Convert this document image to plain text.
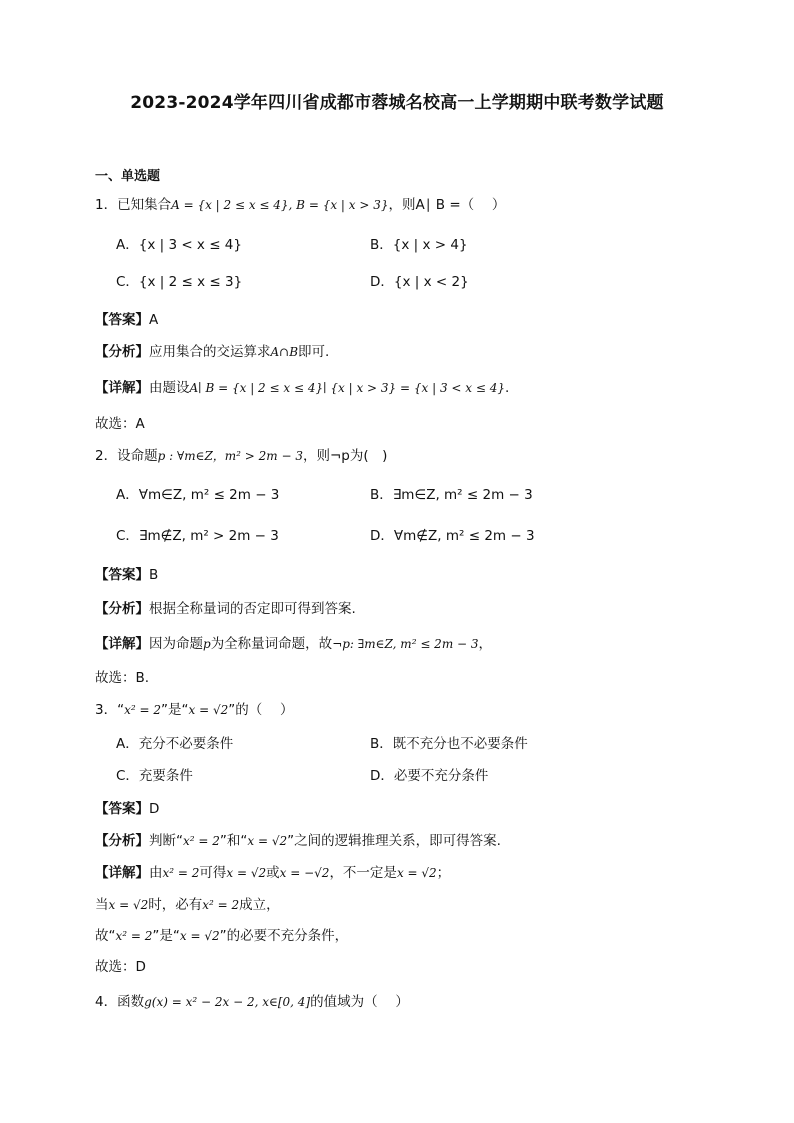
2023-2024学年四川省成都市蓉城名校高一上学期期中联考数学试题
一、单选题
1．已知集合A = {x | 2 ≤ x ≤ 4}, B = {x | x > 3}，则A∣ B =（　 ）
A．{x | 3 < x ≤ 4}	B．{x | x > 4}
C．{x | 2 ≤ x ≤ 3}	D．{x | x < 2}
【答案】A
【分析】应用集合的交运算求A∩B即可.
【详解】由题设A∣ B = {x | 2 ≤ x ≤ 4}∣ {x | x > 3} = {x | 3 < x ≤ 4}.
故选：A
2．设命题p : ∀m∈Z，m² > 2m − 3，则¬p为(　)
A．∀m∈Z, m² ≤ 2m − 3	B．∃m∈Z, m² ≤ 2m − 3
C．∃m∉Z, m² > 2m − 3	D．∀m∉Z, m² ≤ 2m − 3
【答案】B
【分析】根据全称量词的否定即可得到答案.
【详解】因为命题p为全称量词命题，故¬p: ∃m∈Z, m² ≤ 2m − 3，
故选：B.
3．“x² = 2”是“x = √2”的（　 ）
A．充分不必要条件	B．既不充分也不必要条件
C．充要条件	D．必要不充分条件
【答案】D
【分析】判断“x² = 2”和“x = √2”之间的逻辑推理关系，即可得答案.
【详解】由x² = 2可得x = √2或x = −√2，不一定是x = √2；
当x = √2时，必有x² = 2成立，
故“x² = 2”是“x = √2”的必要不充分条件，
故选：D
4．函数g(x) = x² − 2x − 2, x∈[0, 4]的值域为（　 ）
